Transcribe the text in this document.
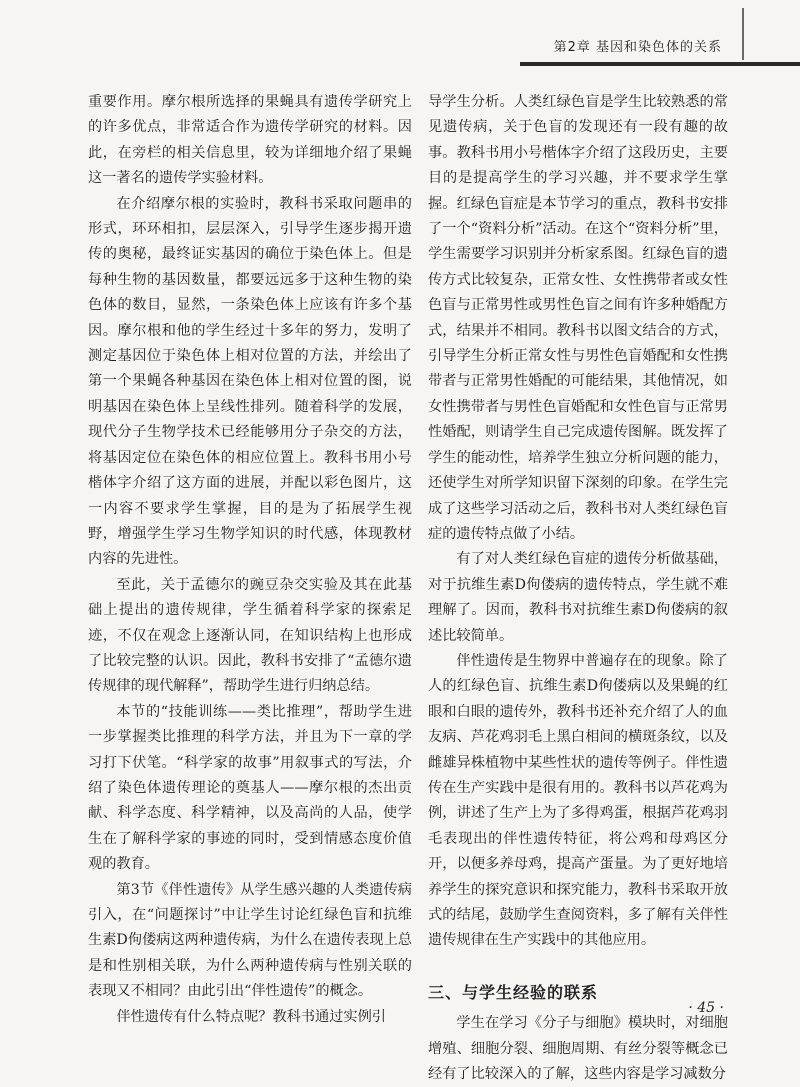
第2章 基因和染色体的关系

重要作用。摩尔根所选择的果蝇具有遗传学研究上的许多优点，非常适合作为遗传学研究的材料。因此，在旁栏的相关信息里，较为详细地介绍了果蝇这一著名的遗传学实验材料。

在介绍摩尔根的实验时，教科书采取问题串的形式，环环相扣，层层深入，引导学生逐步揭开遗传的奥秘，最终证实基因的确位于染色体上。但是每种生物的基因数量，都要远远多于这种生物的染色体的数目，显然，一条染色体上应该有许多个基因。摩尔根和他的学生经过十多年的努力，发明了测定基因位于染色体上相对位置的方法，并绘出了第一个果蝇各种基因在染色体上相对位置的图，说明基因在染色体上呈线性排列。随着科学的发展，现代分子生物学技术已经能够用分子杂交的方法，将基因定位在染色体的相应位置上。教科书用小号楷体字介绍了这方面的进展，并配以彩色图片，这一内容不要求学生掌握，目的是为了拓展学生视野，增强学生学习生物学知识的时代感，体现教材内容的先进性。

至此，关于孟德尔的豌豆杂交实验及其在此基础上提出的遗传规律，学生循着科学家的探索足迹，不仅在观念上逐渐认同，在知识结构上也形成了比较完整的认识。因此，教科书安排了“孟德尔遗传规律的现代解释”，帮助学生进行归纳总结。

本节的“技能训练——类比推理”，帮助学生进一步掌握类比推理的科学方法，并且为下一章的学习打下伏笔。“科学家的故事”用叙事式的写法，介绍了染色体遗传理论的奠基人——摩尔根的杰出贡献、科学态度、科学精神，以及高尚的人品，使学生在了解科学家的事迹的同时，受到情感态度价值观的教育。

第3节《伴性遗传》从学生感兴趣的人类遗传病引入，在“问题探讨”中让学生讨论红绿色盲和抗维生素D佝偻病这两种遗传病，为什么在遗传表现上总是和性别相关联，为什么两种遗传病与性别关联的表现又不相同？由此引出“伴性遗传”的概念。

伴性遗传有什么特点呢？教科书通过实例引

导学生分析。人类红绿色盲是学生比较熟悉的常见遗传病，关于色盲的发现还有一段有趣的故事。教科书用小号楷体字介绍了这段历史，主要目的是提高学生的学习兴趣，并不要求学生掌握。红绿色盲症是本节学习的重点，教科书安排了一个“资料分析”活动。在这个“资料分析”里，学生需要学习识别并分析家系图。红绿色盲的遗传方式比较复杂，正常女性、女性携带者或女性色盲与正常男性或男性色盲之间有许多种婚配方式，结果并不相同。教科书以图文结合的方式，引导学生分析正常女性与男性色盲婚配和女性携带者与正常男性婚配的可能结果，其他情况，如女性携带者与男性色盲婚配和女性色盲与正常男性婚配，则请学生自己完成遗传图解。既发挥了学生的能动性，培养学生独立分析问题的能力，还使学生对所学知识留下深刻的印象。在学生完成了这些学习活动之后，教科书对人类红绿色盲症的遗传特点做了小结。

有了对人类红绿色盲症的遗传分析做基础，对于抗维生素D佝偻病的遗传特点，学生就不难理解了。因而，教科书对抗维生素D佝偻病的叙述比较简单。

伴性遗传是生物界中普遍存在的现象。除了人的红绿色盲、抗维生素D佝偻病以及果蝇的红眼和白眼的遗传外，教科书还补充介绍了人的血友病、芦花鸡羽毛上黑白相间的横斑条纹，以及雌雄异株植物中某些性状的遗传等例子。伴性遗传在生产实践中是很有用的。教科书以芦花鸡为例，讲述了生产上为了多得鸡蛋，根据芦花鸡羽毛表现出的伴性遗传特征，将公鸡和母鸡区分开，以便多养母鸡，提高产蛋量。为了更好地培养学生的探究意识和探究能力，教科书采取开放式的结尾，鼓励学生查阅资料，多了解有关伴性遗传规律在生产实践中的其他应用。

三、与学生经验的联系

学生在学习《分子与细胞》模块时，对细胞增殖、细胞分裂、细胞周期、有丝分裂等概念已经有了比较深入的了解，这些内容是学习减数分

· 45 ·
